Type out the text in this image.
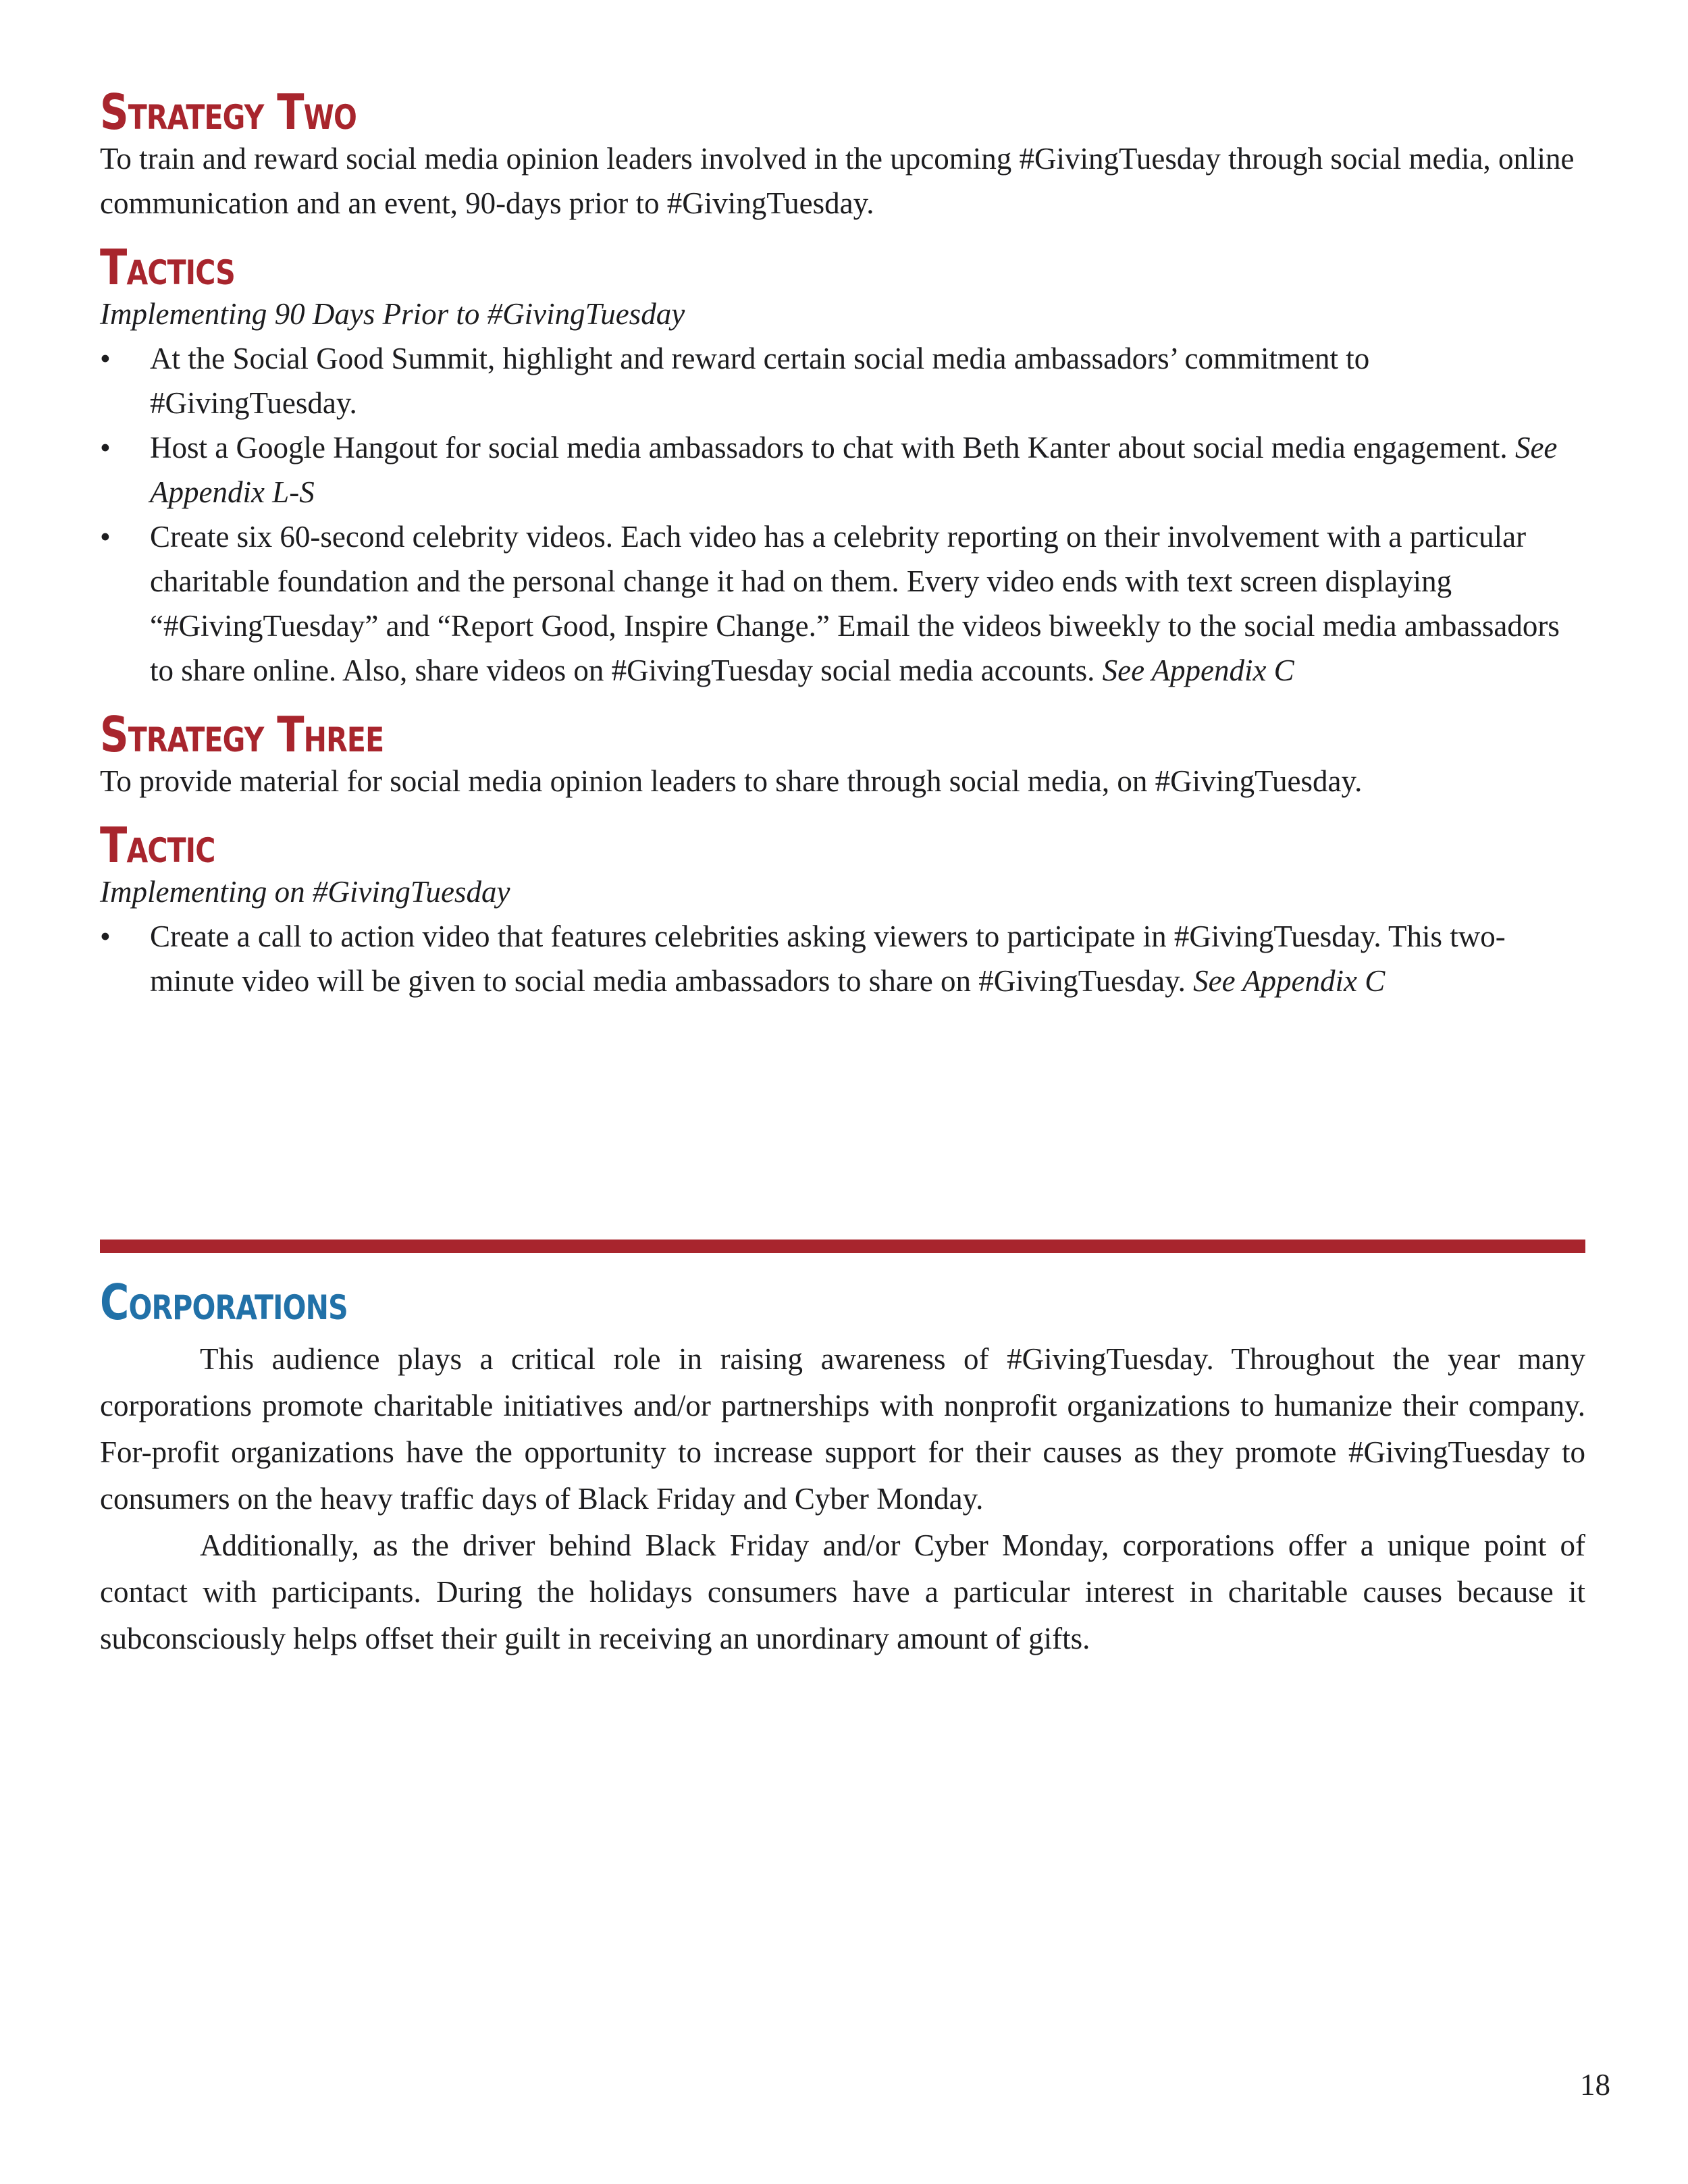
Strategy Two

To train and reward social media opinion leaders involved in the upcoming #GivingTuesday through social media, online communication and an event, 90-days prior to #GivingTuesday.

Tactics

Implementing 90 Days Prior to #GivingTuesday

• At the Social Good Summit, highlight and reward certain social media ambassadors’ commitment to #GivingTuesday.
• Host a Google Hangout for social media ambassadors to chat with Beth Kanter about social media engagement. See Appendix L-S
• Create six 60-second celebrity videos. Each video has a celebrity reporting on their involvement with a particular charitable foundation and the personal change it had on them. Every video ends with text screen displaying “#GivingTuesday” and “Report Good, Inspire Change.” Email the videos biweekly to the social media ambassadors to share online. Also, share videos on #GivingTuesday social media accounts. See Appendix C
Strategy Three

To provide material for social media opinion leaders to share through social media, on #GivingTuesday.

Tactic

Implementing on #GivingTuesday

• Create a call to action video that features celebrities asking viewers to participate in #GivingTuesday. This two-minute video will be given to social media ambassadors to share on #GivingTuesday. See Appendix C
Corporations

This audience plays a critical role in raising awareness of #GivingTuesday. Throughout the year many corporations promote charitable initiatives and/or partnerships with nonprofit organizations to humanize their company. For-profit organizations have the opportunity to increase support for their causes as they promote #GivingTuesday to consumers on the heavy traffic days of Black Friday and Cyber Monday.

Additionally, as the driver behind Black Friday and/or Cyber Monday, corporations offer a unique point of contact with participants. During the holidays consumers have a particular interest in charitable causes because it subconsciously helps offset their guilt in receiving an unordinary amount of gifts.

18
